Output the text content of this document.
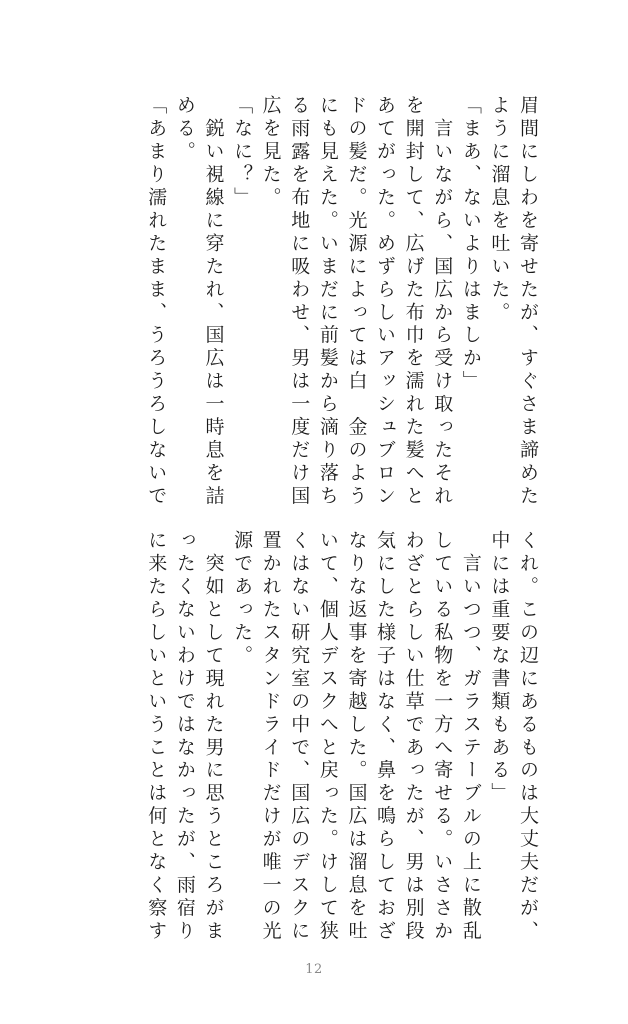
眉間にしわを寄せたが、すぐさま諦めた
ように溜息を吐いた。
「まあ、ないよりはましか」
　言いながら、国広から受け取ったそれ
を開封して、広げた布巾を濡れた髪へと
あてがった。めずらしいアッシュブロン
ドの髪だ。光源によっては白　金のよう
にも見えた。いまだに前髪から滴り落ち
る雨露を布地に吸わせ、男は一度だけ国
広を見た。
「なに？」
　鋭い視線に穿たれ、国広は一時息を詰
める。
「あまり濡れたまま、うろうろしないで
くれ。この辺にあるものは大丈夫だが、
中には重要な書類もある」
　言いつつ、ガラステーブルの上に散乱
している私物を一方へ寄せる。いささか
わざとらしい仕草であったが、男は別段
気にした様子はなく、鼻を鳴らしておざ
なりな返事を寄越した。国広は溜息を吐
いて、個人デスクへと戻った。けして狭
くはない研究室の中で、国広のデスクに
置かれたスタンドライドだけが唯一の光
源であった。
　突如として現れた男に思うところがま
ったくないわけではなかったが、雨宿り
に来たらしいということは何となく察す
12
